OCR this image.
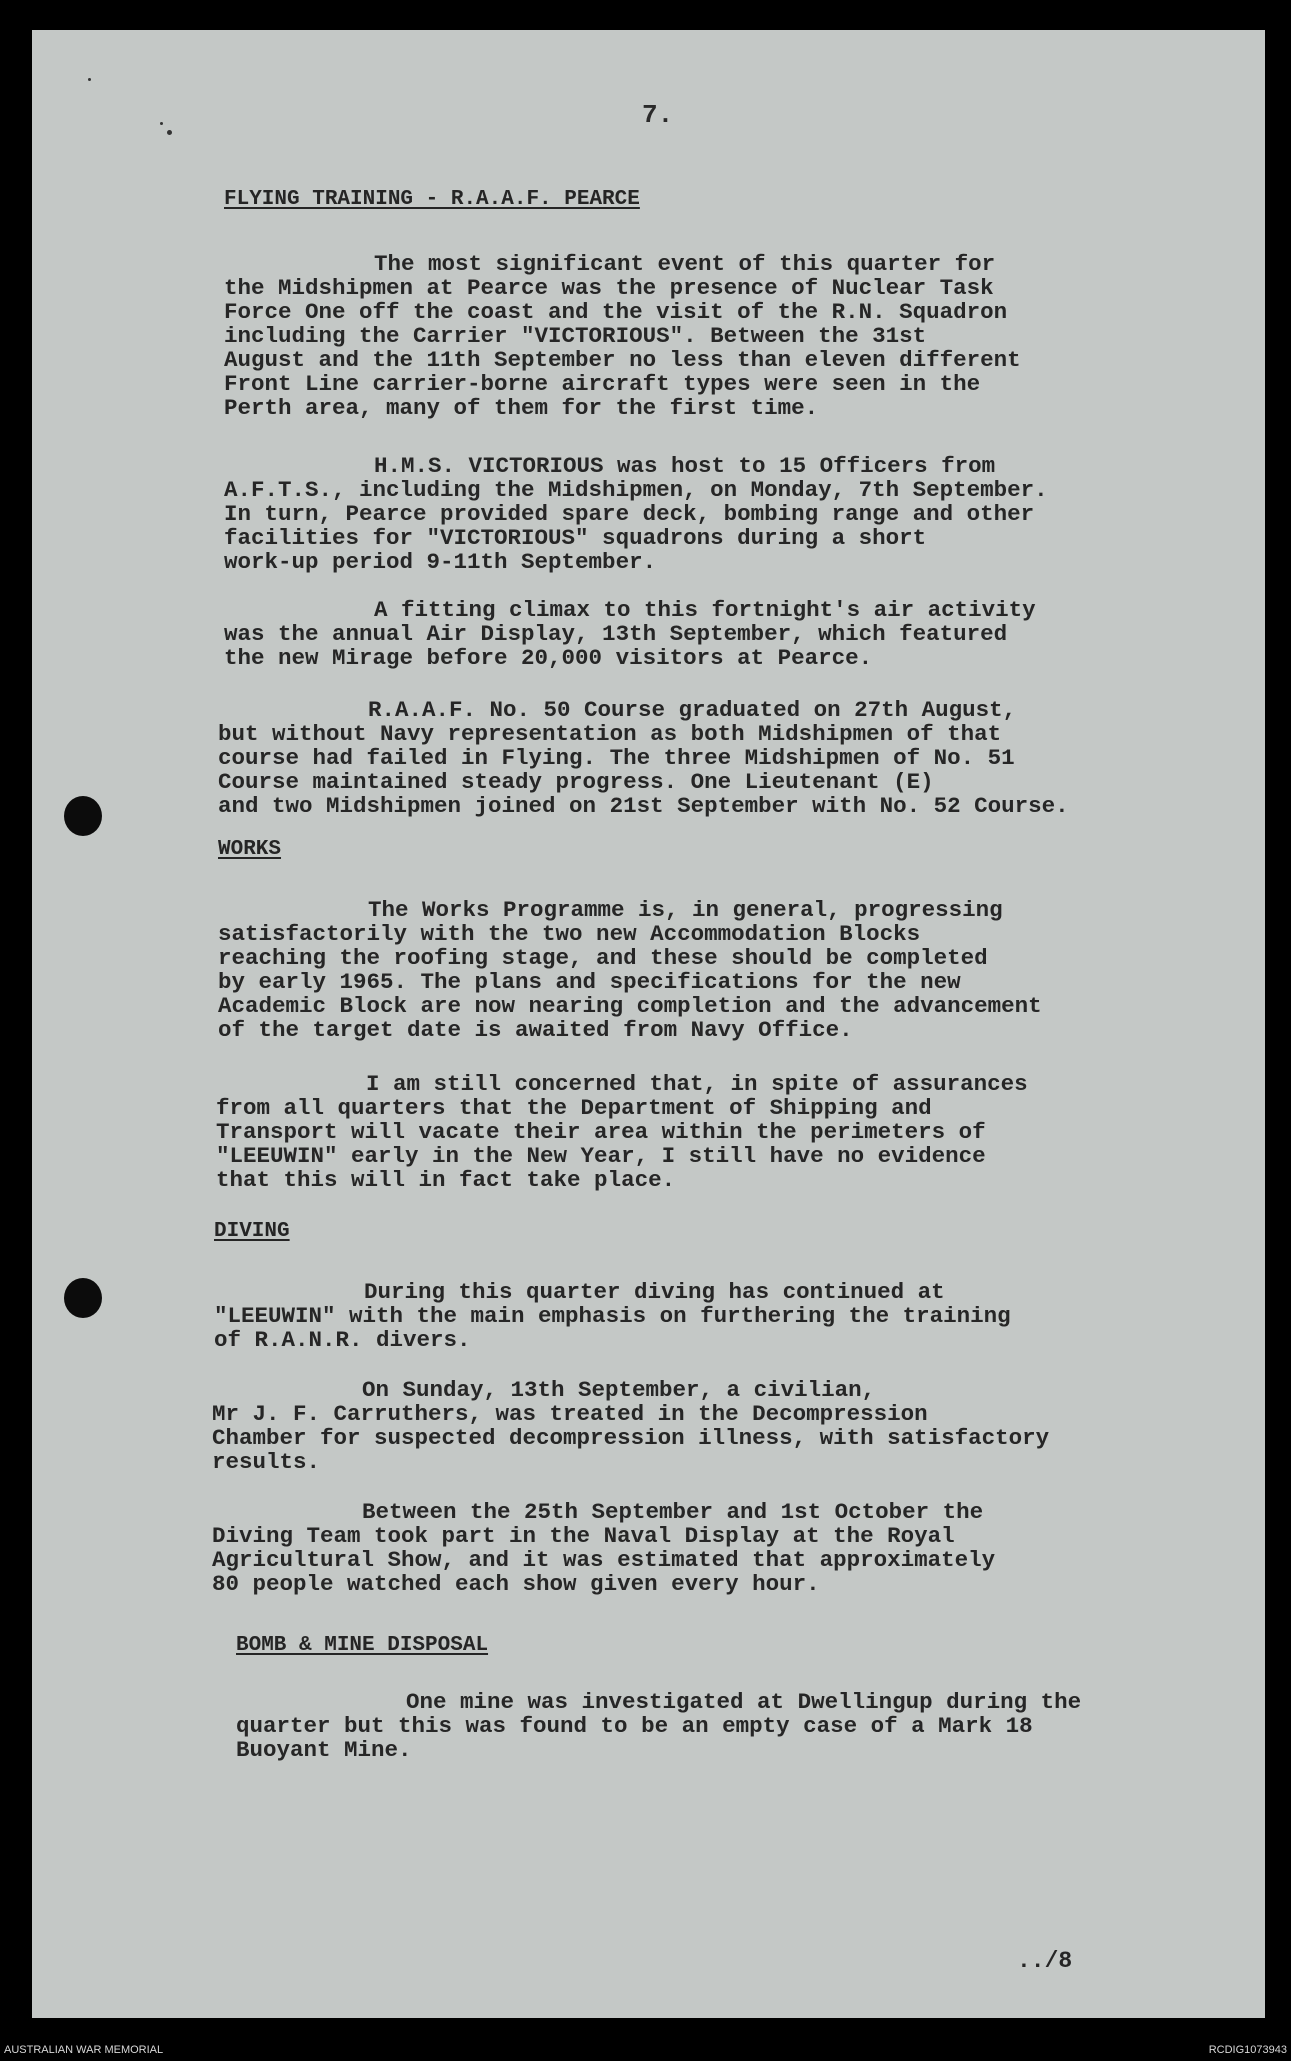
7.
FLYING TRAINING - R.A.A.F. PEARCE
The most significant event of this quarter for
the Midshipmen at Pearce was the presence of Nuclear Task
Force One off the coast and the visit of the R.N. Squadron
including the Carrier "VICTORIOUS". Between the 31st
August and the 11th September no less than eleven different
Front Line carrier-borne aircraft types were seen in the
Perth area, many of them for the first time.
H.M.S. VICTORIOUS was host to 15 Officers from
A.F.T.S., including the Midshipmen, on Monday, 7th September.
In turn, Pearce provided spare deck, bombing range and other
facilities for "VICTORIOUS" squadrons during a short
work-up period 9-11th September.
A fitting climax to this fortnight's air activity
was the annual Air Display, 13th September, which featured
the new Mirage before 20,000 visitors at Pearce.
R.A.A.F. No. 50 Course graduated on 27th August,
but without Navy representation as both Midshipmen of that
course had failed in Flying. The three Midshipmen of No. 51
Course maintained steady progress. One Lieutenant (E)
and two Midshipmen joined on 21st September with No. 52 Course.
WORKS
The Works Programme is, in general, progressing
satisfactorily with the two new Accommodation Blocks
reaching the roofing stage, and these should be completed
by early 1965. The plans and specifications for the new
Academic Block are now nearing completion and the advancement
of the target date is awaited from Navy Office.
I am still concerned that, in spite of assurances
from all quarters that the Department of Shipping and
Transport will vacate their area within the perimeters of
"LEEUWIN" early in the New Year, I still have no evidence
that this will in fact take place.
DIVING
During this quarter diving has continued at
"LEEUWIN" with the main emphasis on furthering the training
of R.A.N.R. divers.
On Sunday, 13th September, a civilian,
Mr J. F. Carruthers, was treated in the Decompression
Chamber for suspected decompression illness, with satisfactory
results.
Between the 25th September and 1st October the
Diving Team took part in the Naval Display at the Royal
Agricultural Show, and it was estimated that approximately
80 people watched each show given every hour.
BOMB & MINE DISPOSAL
One mine was investigated at Dwellingup during the
quarter but this was found to be an empty case of a Mark 18
Buoyant Mine.
../8
AUSTRALIAN WAR MEMORIAL	RCDIG1073943
